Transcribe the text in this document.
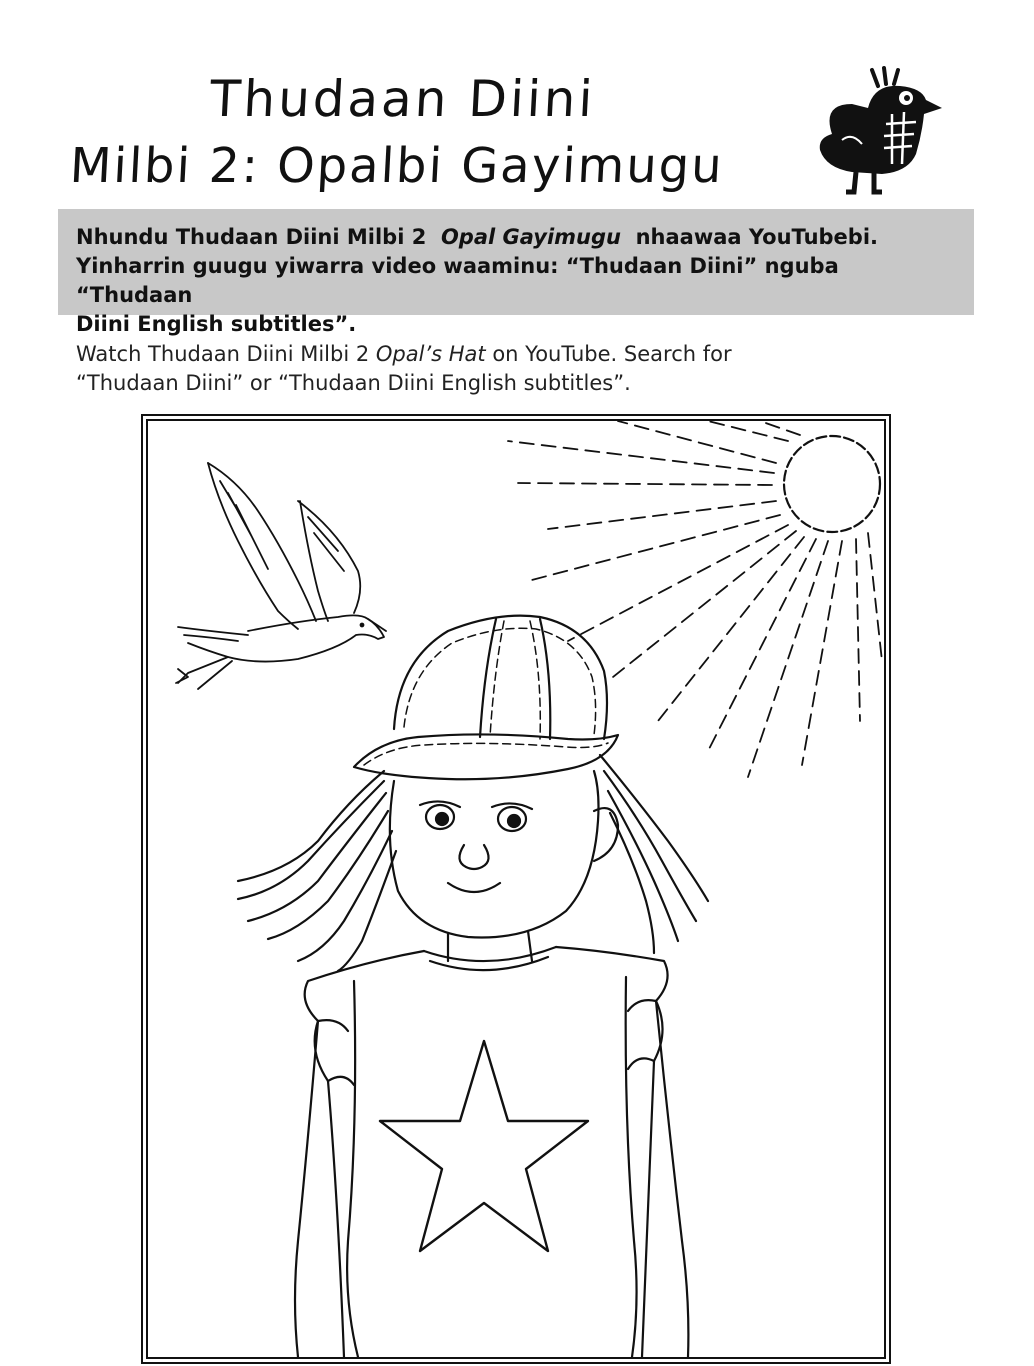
Thudaan Diini
Milbi 2: Opalbi Gayimugu

Nhundu Thudaan Diini Milbi 2 Opal Gayimugu nhaawaa YouTubebi.

Yinharrin guugu yiwarra video waaminu: “Thudaan Diini” nguba “Thudaan

Diini English subtitles”.

Watch Thudaan Diini Milbi 2 Opal’s Hat on YouTube. Search for
“Thudaan Diini” or “Thudaan Diini English subtitles”.
